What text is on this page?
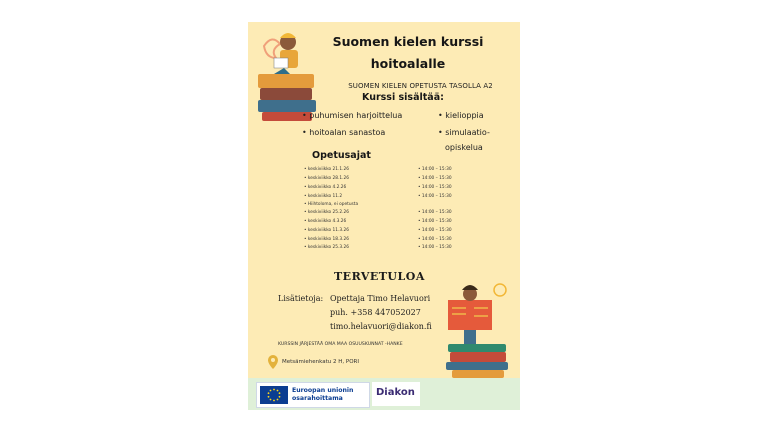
Suomen kielen kurssi
hoitoalalle
SUOMEN KIELEN OPETUSTA TASOLLA A2
Kurssi sisältää:
• puhumisen harjoittelua
• hoitoalan sanastoa
• kielioppia
• simulaatio-
opiskelua
Opetusajat
• keskiviikko 21.1.26
• keskiviikko 28.1.26
• keskiviikko 4.2.26
• keskiviikko 11.2
• Hiihtoloma, ei opetusta
• keskiviikko 25.2.26
• keskiviikko 4.3.26
• keskiviikko 11.3.26
• keskiviikko 18.3.26
• keskiviikko 25.3.26
• 14:00 – 15:30
• 14:00 – 15:30
• 14:00 – 15:30
• 14:00 – 15:30
• 14:00 – 15:30
• 14:00 – 15:30
• 14:00 – 15:30
• 14:00 – 15:30
• 14:00 – 15:30
TERVETULOA
Lisätietoja: Opettaja Timo Helavuori
puh. +358 447052027
timo.helavuori@diakon.fi
KURSSIN JÄRJESTÄÄ OMA MAA OSUUSKUNNAT -HANKE
Metsämiehenkatu 2 H, PORI
Euroopan unionin
osarahoittama
Diakon
